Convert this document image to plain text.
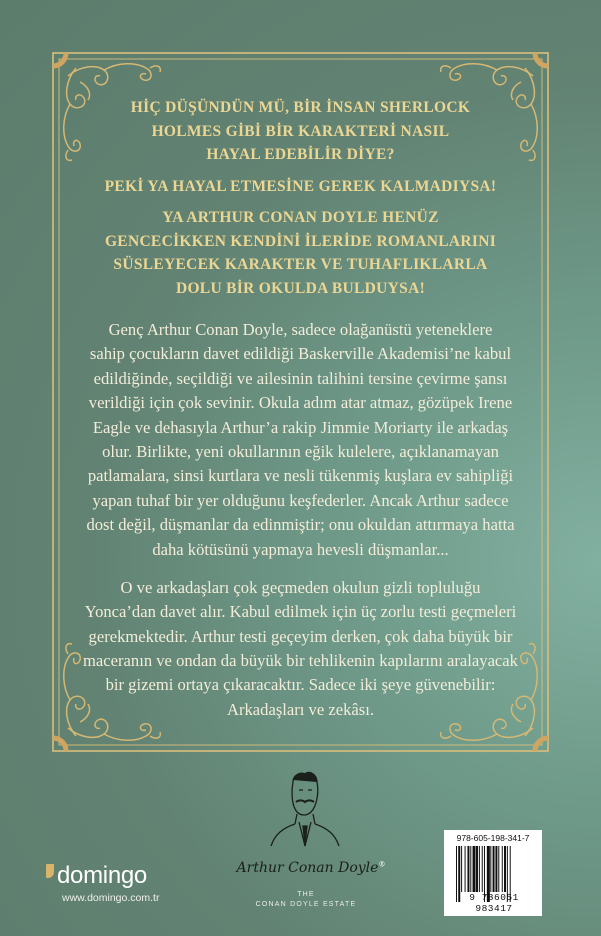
HİÇ DÜŞÜNDÜN MÜ, BİR İNSAN SHERLOCK
HOLMES GİBİ BİR KARAKTERİ NASIL
HAYAL EDEBİLİR DİYE?
PEKİ YA HAYAL ETMESİNE GEREK KALMADIYSA!
YA ARTHUR CONAN DOYLE HENÜZ
GENCECİKKEN KENDİNİ İLERİDE ROMANLARINI
SÜSLEYECEK KARAKTER VE TUHAFLIKLARLA
DOLU BİR OKULDA BULDUYSA!
Genç Arthur Conan Doyle, sadece olağanüstü yeteneklere
sahip çocukların davet edildiği Baskerville Akademisi’ne kabul
edildiğinde, seçildiği ve ailesinin talihini tersine çevirme şansı
verildiği için çok sevinir. Okula adım atar atmaz, gözüpek Irene
Eagle ve dehasıyla Arthur’a rakip Jimmie Moriarty ile arkadaş
olur. Birlikte, yeni okullarının eğik kulelere, açıklanamayan
patlamalara, sinsi kurtlara ve nesli tükenmiş kuşlara ev sahipliği
yapan tuhaf bir yer olduğunu keşfederler. Ancak Arthur sadece
dost değil, düşmanlar da edinmiştir; onu okuldan attırmaya hatta
daha kötüsünü yapmaya hevesli düşmanlar...
O ve arkadaşları çok geçmeden okulun gizli topluluğu
Yonca’dan davet alır. Kabul edilmek için üç zorlu testi geçmeleri
gerekmektedir. Arthur testi geçeyim derken, çok daha büyük bir
maceranın ve ondan da büyük bir tehlikenin kapılarını aralayacak
bir gizemi ortaya çıkaracaktır. Sadece iki şeye güvenebilir:
Arkadaşları ve zekâsı.
domingo
www.domingo.com.tr
Arthur Conan Doyle®
THE
CONAN DOYLE ESTATE
978-605-198-341-7
9 786051 983417
